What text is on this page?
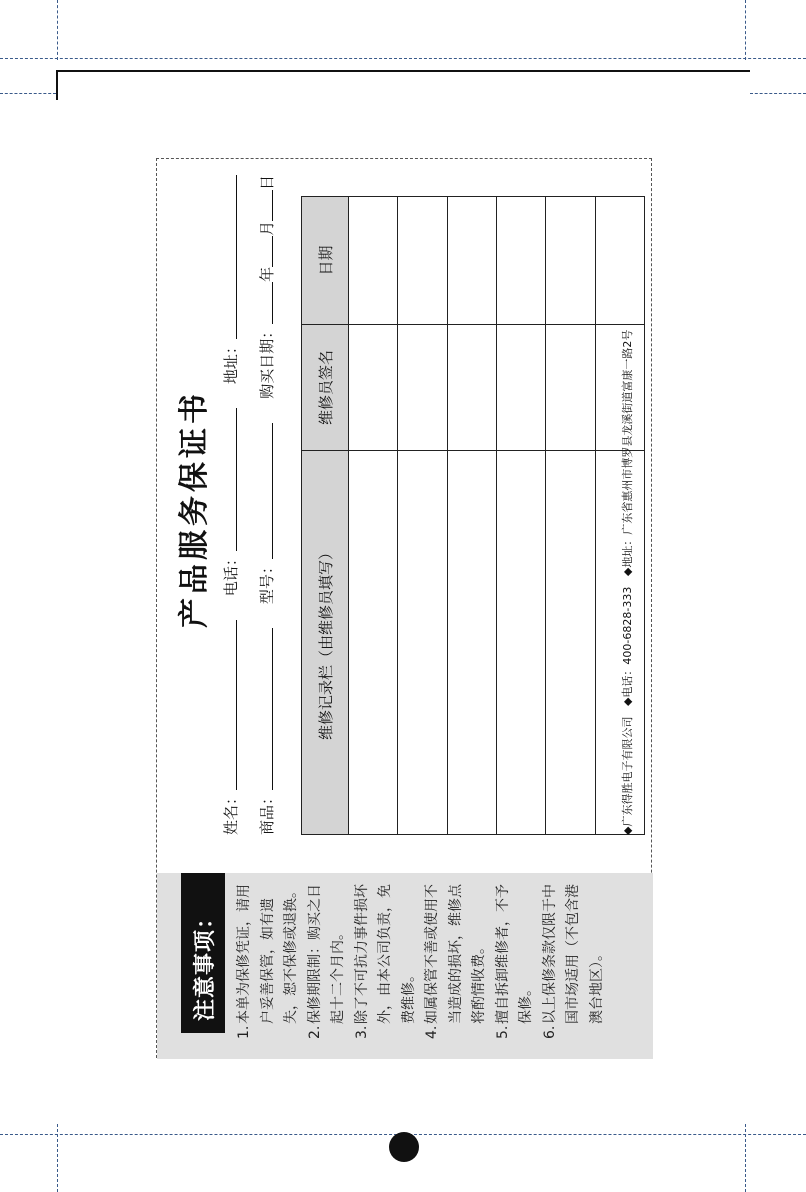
注意事项：
1.
本单为保修凭证，请用户妥善保管，如有遗失，恕不保修或退换。
2.
保修期限制：购买之日起十二个月内。
3.
除了不可抗力事件损坏外，由本公司负责，免费维修。
4.
如属保管不善或使用不当造成的损坏，维修点将酌情收费。
5.
擅自拆卸维修者，不予保修。
6.
以上保修条款仅限于中国市场适用（不包含港澳台地区）。
产品服务保证书
姓名：
电话：
地址：
商品：
型号：
购买日期：
年
月
日
维修记录栏（由维修员填写）	维修员签名	日期

◆广东得胜电子有限公司   ◆电话：400-6828-333   ◆地址：广东省惠州市博罗县龙溪街道富康一路2号
